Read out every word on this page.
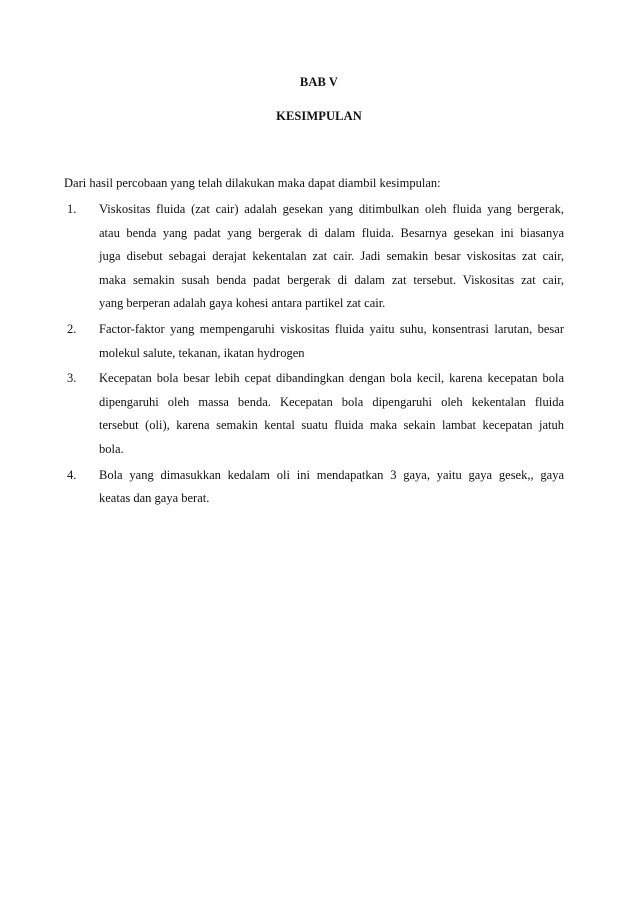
BAB V
KESIMPULAN
Dari hasil percobaan yang telah dilakukan maka dapat diambil kesimpulan:
1. Viskositas fluida (zat cair) adalah gesekan yang ditimbulkan oleh fluida yang bergerak,
atau benda yang padat yang bergerak di dalam fluida. Besarnya gesekan ini biasanya
juga disebut sebagai derajat kekentalan zat cair. Jadi semakin besar viskositas zat cair,
maka semakin susah benda padat bergerak di dalam zat tersebut. Viskositas zat cair,
yang berperan adalah gaya kohesi antara partikel zat cair.
2. Factor-faktor yang mempengaruhi viskositas fluida yaitu suhu, konsentrasi larutan, besar
molekul salute, tekanan, ikatan hydrogen
3. Kecepatan bola besar lebih cepat dibandingkan dengan bola kecil, karena kecepatan bola
dipengaruhi oleh massa benda. Kecepatan bola dipengaruhi oleh kekentalan fluida
tersebut (oli), karena semakin kental suatu fluida maka sekain lambat kecepatan jatuh
bola.
4. Bola yang dimasukkan kedalam oli ini mendapatkan 3 gaya, yaitu gaya gesek,, gaya
keatas dan gaya berat.
